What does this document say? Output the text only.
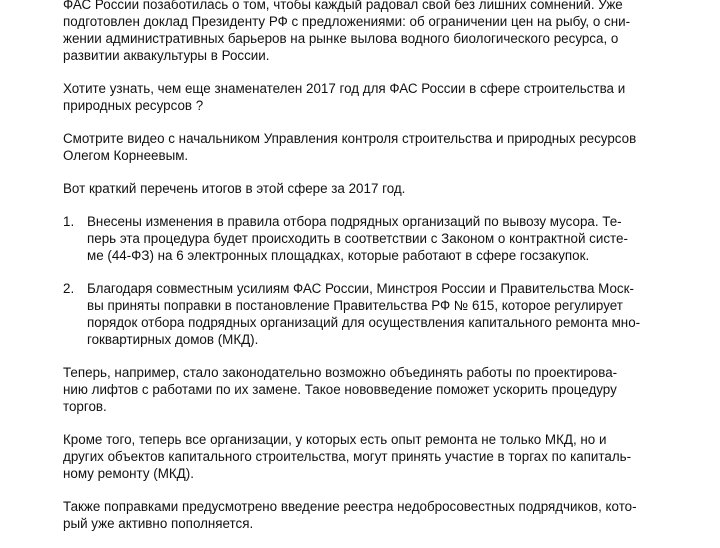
ФАС России позаботилась о том, чтобы каждый радовал свой без лишних сомнений. Уже
подготовлен доклад Президенту РФ с предложениями: об ограничении цен на рыбу, о сни-
жении административных барьеров на рынке вылова водного биологического ресурса, о
развитии аквакультуры в России.

Хотите узнать, чем еще знаменателен 2017 год для ФАС России в сфере строительства и
природных ресурсов ?

Смотрите видео с начальником Управления контроля строительства и природных ресурсов
Олегом Корнеевым.

Вот краткий перечень итогов в этой сфере за 2017 год.

1. Внесены изменения в правила отбора подрядных организаций по вывозу мусора. Те-
перь эта процедура будет происходить в соответствии с Законом о контрактной систе-
ме (44-ФЗ) на 6 электронных площадках, которые работают в сфере госзакупок.
2. Благодаря совместным усилиям ФАС России, Минстроя России и Правительства Моск-
вы приняты поправки в постановление Правительства РФ № 615, которое регулирует
порядок отбора подрядных организаций для осуществления капитального ремонта мно-
гоквартирных домов (МКД).

Теперь, например, стало законодательно возможно объединять работы по проектирова-
нию лифтов с работами по их замене. Такое нововведение поможет ускорить процедуру
торгов.

Кроме того, теперь все организации, у которых есть опыт ремонта не только МКД, но и
других объектов капитального строительства, могут принять участие в торгах по капиталь-
ному ремонту (МКД).

Также поправками предусмотрено введение реестра недобросовестных подрядчиков, кото-
рый уже активно пополняется.
